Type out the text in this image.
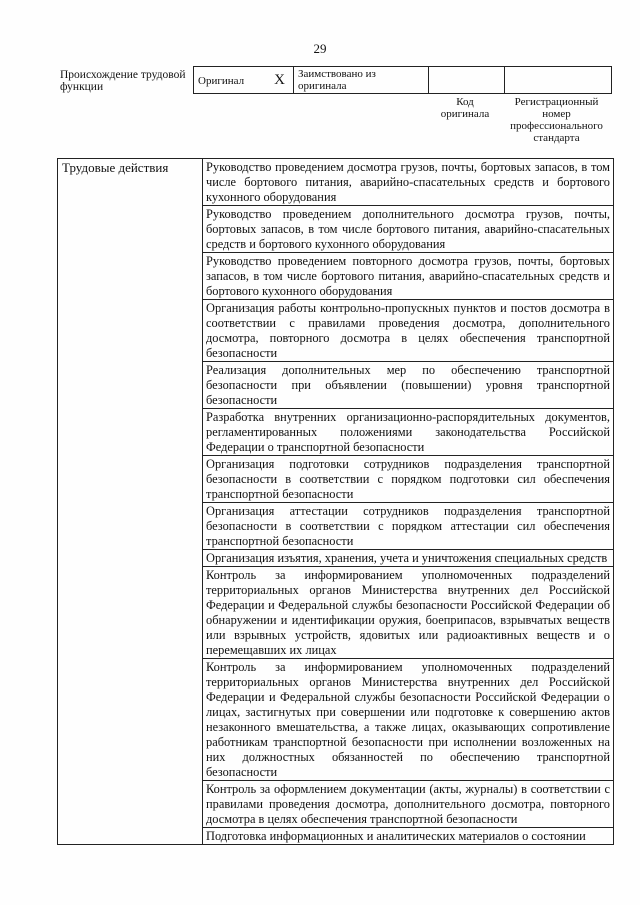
29
Происхождение трудовой функции
Оригинал X	Заимствовано из оригинала		
Код оригинала
Регистрационный номер профессионального стандарта
Трудовые действия	Руководство проведением досмотра грузов, почты, бортовых запасов, в том числе бортового питания, аварийно-спасательных средств и бортового кухонного оборудования
Руководство проведением дополнительного досмотра грузов, почты, бортовых запасов, в том числе бортового питания, аварийно-спасательных средств и бортового кухонного оборудования
Руководство проведением повторного досмотра грузов, почты, бортовых запасов, в том числе бортового питания, аварийно-спасательных средств и бортового кухонного оборудования
Организация работы контрольно-пропускных пунктов и постов досмотра в соответствии с правилами проведения досмотра, дополнительного досмотра, повторного досмотра в целях обеспечения транспортной безопасности
Реализация дополнительных мер по обеспечению транспортной безопасности при объявлении (повышении) уровня транспортной безопасности
Разработка внутренних организационно-распорядительных документов, регламентированных положениями законодательства Российской Федерации о транспортной безопасности
Организация подготовки сотрудников подразделения транспортной безопасности в соответствии с порядком подготовки сил обеспечения транспортной безопасности
Организация аттестации сотрудников подразделения транспортной безопасности в соответствии с порядком аттестации сил обеспечения транспортной безопасности
Организация изъятия, хранения, учета и уничтожения специальных средств
Контроль за информированием уполномоченных подразделений территориальных органов Министерства внутренних дел Российской Федерации и Федеральной службы безопасности Российской Федерации об обнаружении и идентификации оружия, боеприпасов, взрывчатых веществ или взрывных устройств, ядовитых или радиоактивных веществ и о перемещавших их лицах
Контроль за информированием уполномоченных подразделений территориальных органов Министерства внутренних дел Российской Федерации и Федеральной службы безопасности Российской Федерации о лицах, застигнутых при совершении или подготовке к совершению актов незаконного вмешательства, а также лицах, оказывающих сопротивление работникам транспортной безопасности при исполнении возложенных на них должностных обязанностей по обеспечению транспортной безопасности
Контроль за оформлением документации (акты, журналы) в соответствии с правилами проведения досмотра, дополнительного досмотра, повторного досмотра в целях обеспечения транспортной безопасности
Подготовка информационных и аналитических материалов о состоянии
